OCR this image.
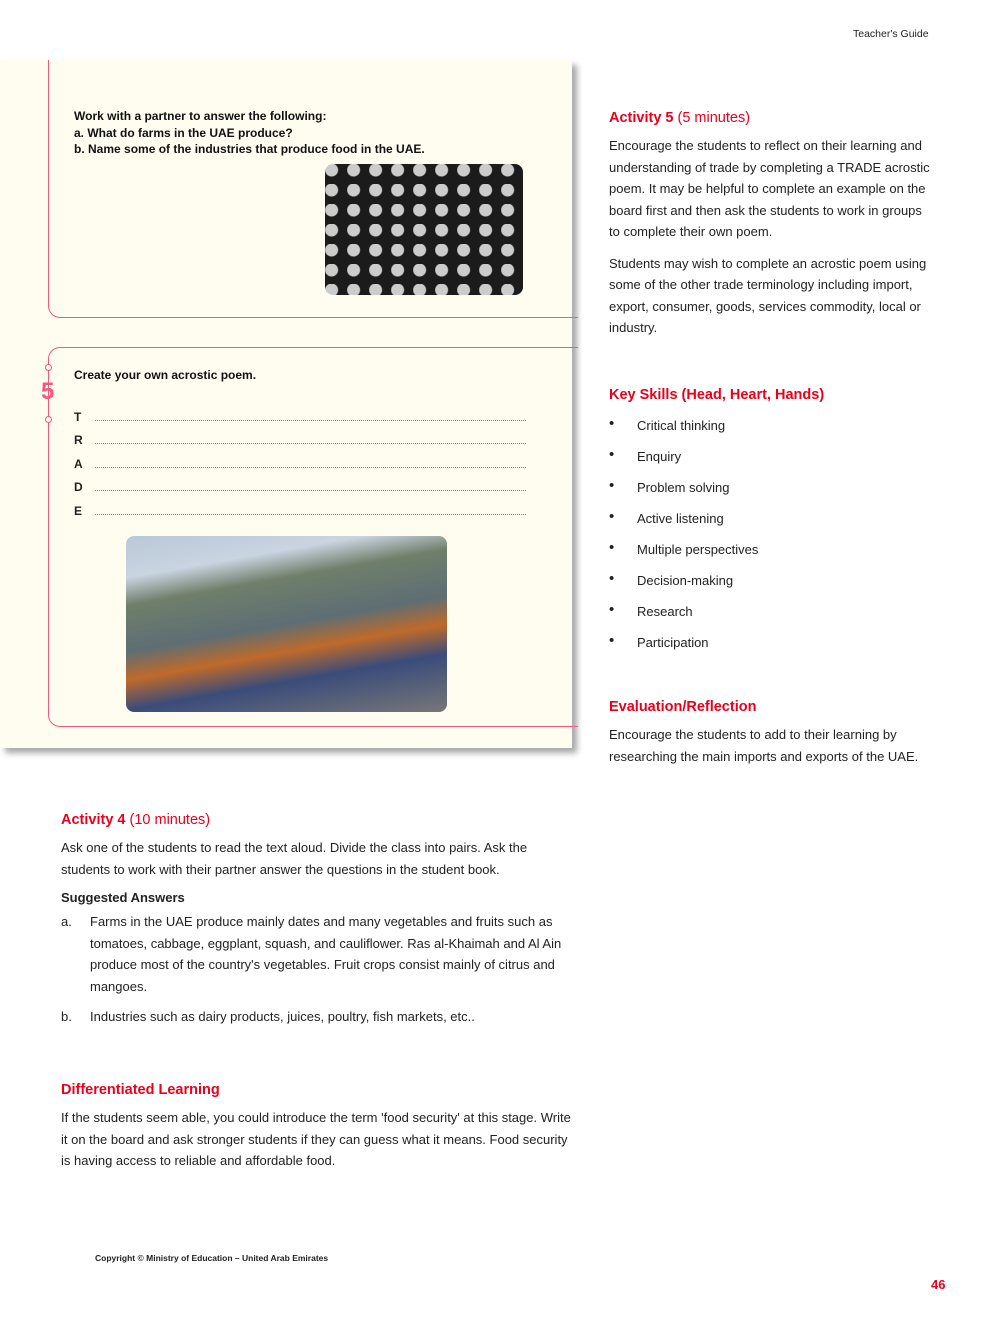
Teacher's Guide
Work with a partner to answer the following:
a. What do farms in the UAE produce?
b. Name some of the industries that produce food in the UAE.
5
Create your own acrostic poem.
T
R
A
D
E
Activity 5 (5 minutes)
Encourage the students to reflect on their learning and understanding of trade by completing a TRADE acrostic poem. It may be helpful to complete an example on the board first and then ask the students to work in groups to complete their own poem.
Students may wish to complete an acrostic poem using some of the other trade terminology including import, export, consumer, goods, services commodity, local or industry.
Key Skills (Head, Heart, Hands)
• Critical thinking
• Enquiry
• Problem solving
• Active listening
• Multiple perspectives
• Decision-making
• Research
• Participation
Evaluation/Reflection
Encourage the students to add to their learning by researching the main imports and exports of the UAE.
Activity 4 (10 minutes)
Ask one of the students to read the text aloud. Divide the class into pairs. Ask the students to work with their partner answer the questions in the student book.
Suggested Answers
a.	Farms in the UAE produce mainly dates and many vegetables and fruits such as tomatoes, cabbage, eggplant, squash, and cauliflower. Ras al-Khaimah and Al Ain produce most of the country's vegetables. Fruit crops consist mainly of citrus and mangoes.
b.	Industries such as dairy products, juices, poultry, fish markets, etc..
Differentiated Learning
If the students seem able, you could introduce the term 'food security' at this stage. Write it on the board and ask stronger students if they can guess what it means. Food security is having access to reliable and affordable food.
Copyright © Ministry of Education – United Arab Emirates
46
